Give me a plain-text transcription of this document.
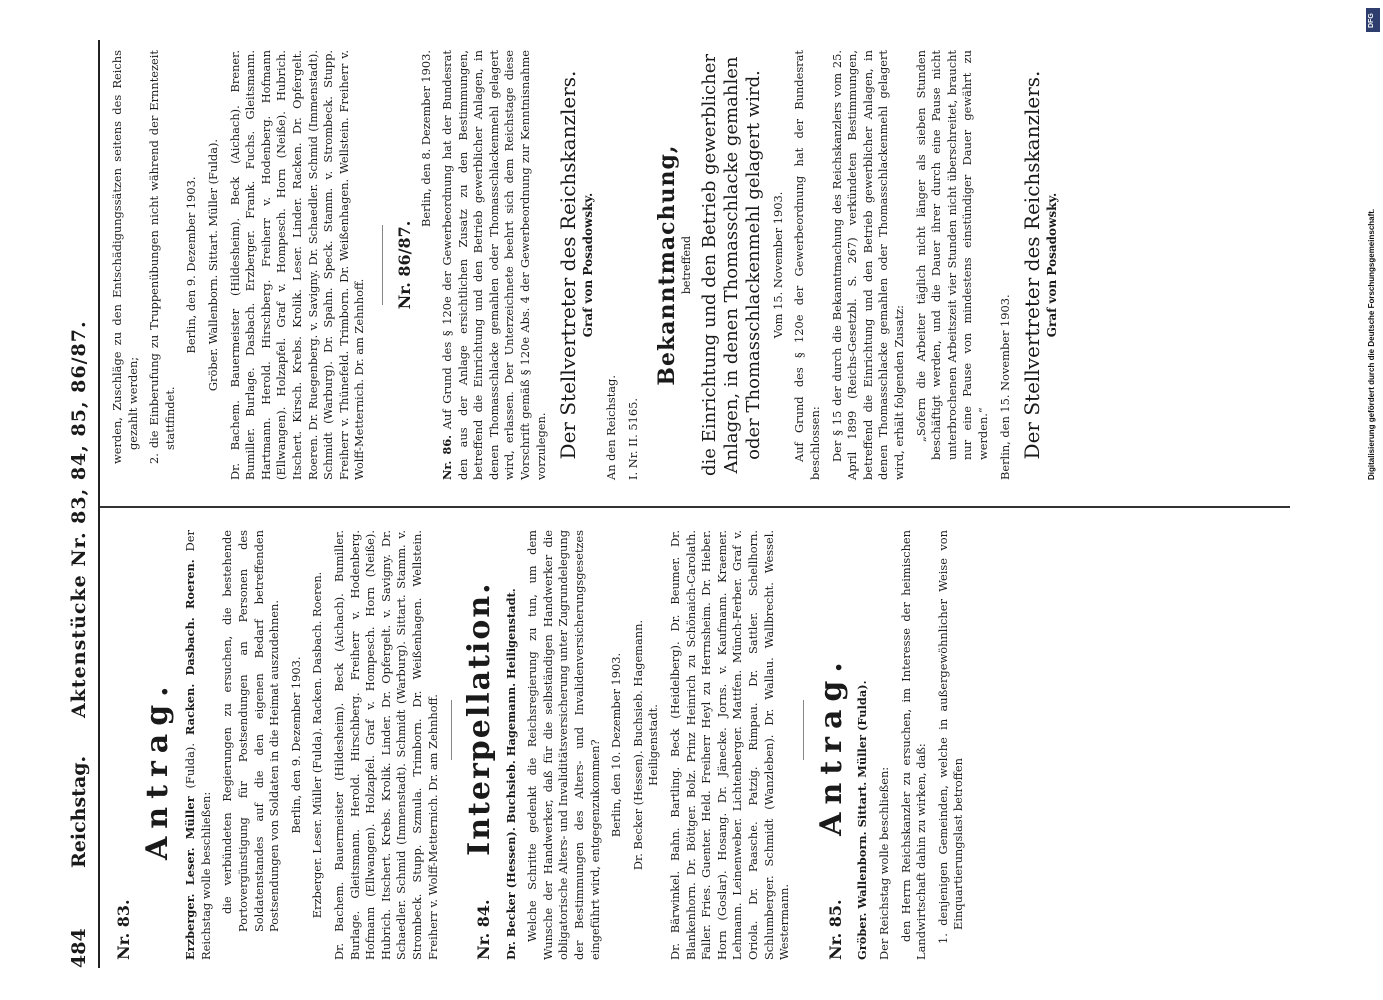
484
Reichstag.
Aktenstücke Nr. 83, 84, 85, 86/87.
Nr. 83.
Antrag.

Erzberger. Leser. Müller (Fulda). Racken. Dasbach. Roeren. Der Reichstag wolle beschließen: die verbündeten Regierungen zu ersuchen, die bestehende Portovergünstigung für Postsendungen an Personen des Soldatenstandes auf die den eigenen Bedarf betreffenden Postsendungen von Soldaten in die Heimat auszudehnen. Berlin, den 9. Dezember 1903. Erzberger. Leser. Müller (Fulda). Racken. Dasbach. Roeren. Dr. Bachem. Bauermeister (Hildesheim). Beck (Aichach). Bumiller. Burlage. Gleitsmann. Herold. Hirschberg. Freiherr v. Hodenberg. Hofmann (Ellwangen). Holzapfel. Graf v. Hompesch. Horn (Neiße). Hubrich. Itschert. Krebs. Krolik. Linder. Dr. Opfergelt. v. Savigny. Dr. Schaedler. Schmid (Immenstadt). Schmidt (Warburg). Sittart. Stamm. v. Strombeck. Stupp. Szmula. Trimborn. Dr. Weißenhagen. Wellstein. Freiherr v. Wolff-Metternich. Dr. am Zehnhoff. Nr. 84. Interpellation. Dr. Becker (Hessen). Buchsieb. Hagemann. Heiligenstadt. Welche Schritte gedenkt die Reichsregierung zu tun, um dem Wunsche der Handwerker, daß für die selbständigen Handwerker die obligatorische Alters- und Invaliditätsversicherung unter Zugrundelegung der Bestimmungen des Alters- und Invalidenversicherungsgesetzes eingeführt wird, entgegenzukommen? Berlin, den 10. Dezember 1903. Dr. Becker (Hessen). Buchsieb. Hagemann. Heiligenstadt. Dr. Bärwinkel. Bahn. Bartling. Beck (Heidelberg). Dr. Beumer. Dr. Blankenhorn. Dr. Böttger. Bolz. Prinz Heinrich zu Schönaich-Carolath. Faller. Fries. Guenter. Held. Freiherr Heyl zu Herrnsheim. Dr. Hieber. Horn (Goslar). Hosang. Dr. Jänecke. Jorns. v. Kaufmann. Kraemer. Lehmann. Leinenweber. Lichtenberger. Mattfen. Münch-Ferber. Graf v. Oriola. Dr. Paasche. Patzig. Rimpau. Dr. Sattler. Schellhorn. Schlumberger. Schmidt (Wanzleben). Dr. Wallau. Wallbrecht. Wessel. Westermann. Nr. 85. Antrag. Gröber. Wallenborn. Sittart. Müller (Fulda). Der Reichstag wolle beschließen: den Herrn Reichskanzler zu ersuchen, im Interesse der heimischen Landwirtschaft dahin zu wirken, daß: 1. denjenigen Gemeinden, welche in außergewöhnlicher Weise von Einquartierungslast betroffen

werden, Zuschläge zu den Entschädigungssätzen seitens des Reichs gezahlt werden; 2. die Einberufung zu Truppenübungen nicht während der Ernntezeit stattfindet.

Berlin, den 9. Dezember 1903. Gröber. Wallenborn. Sittart. Müller (Fulda). Dr. Bachem. Bauermeister (Hildesheim). Beck (Aichach). Brener. Bumiller. Burlage. Dasbach. Erzberger. Frank. Fuchs. Gleitsmann. Hartmann. Herold. Hirschberg. Freiherr v. Hodenberg. Hofmann (Ellwangen). Holzapfel. Graf v. Hompesch. Horn (Neiße). Hubrich. Itschert. Kirsch. Krebs. Krolik. Leser. Linder. Racken. Dr. Opfergelt. Roeren. Dr. Ruegenberg. v. Savigny. Dr. Schaedler. Schmid (Immenstadt). Schmidt (Warburg). Dr. Spahn. Speck. Stamm. v. Strombeck. Stupp. Freiherr v. Thünefeld. Trimborn. Dr. Weißenhagen. Wellstein. Freiherr v. Wolff-Metternich. Dr. am Zehnhoff.

Nr. 86/87.

Berlin, den 8. Dezember 1903.

Nr. 86. Auf Grund des § 120e der Gewerbeordnung hat der Bundesrat den aus der Anlage ersichtlichen Zusatz zu den Bestimmungen, betreffend die Einrichtung und den Betrieb gewerblicher Anlagen, in denen Thomasschlacke gemahlen oder Thomasschlackenmehl gelagert wird, erlassen. Der Unterzeichnete beehrt sich dem Reichstage diese Vorschrift gemäß § 120e Abs. 4 der Gewerbeordnung zur Kenntnisnahme vorzulegen. Der Stellvertreter des Reichskanzlers. Graf von Posadowsky.

An den Reichstag. I. Nr. II. 5165.

Bekanntmachung, betreffend die Einrichtung und den Betrieb gewerblicher Anlagen, in denen Thomasschlacke gemahlen oder Thomasschlackenmehl gelagert wird. Vom 15. November 1903. Auf Grund des § 120e der Gewerbeordnung hat der Bundesrat beschlossen: Der § 15 der durch die Bekanntmachung des Reichskanzlers vom 25. April 1899 (Reichs-Gesetzbl. S. 267) verkündeten Bestimmungen, betreffend die Einrichtung und den Betrieb gewerblicher Anlagen, in denen Thomasschlacke gemahlen oder Thomasschlackenmehl gelagert wird, erhält folgenden Zusatz: „Sofern die Arbeiter täglich nicht länger als sieben Stunden beschäftigt werden, und die Dauer ihrer durch eine Pause nicht unterbrochenen Arbeitszeit vier Stunden nicht überschreitet, braucht nur eine Pause von mindestens einstündiger Dauer gewährt zu werden.“ Berlin, den 15. November 1903. Der Stellvertreter des Reichskanzlers. Graf von Posadowsky.	Digitalisierung gefördert durch die Deutsche Forschungsgemeinschaft.
DFG
